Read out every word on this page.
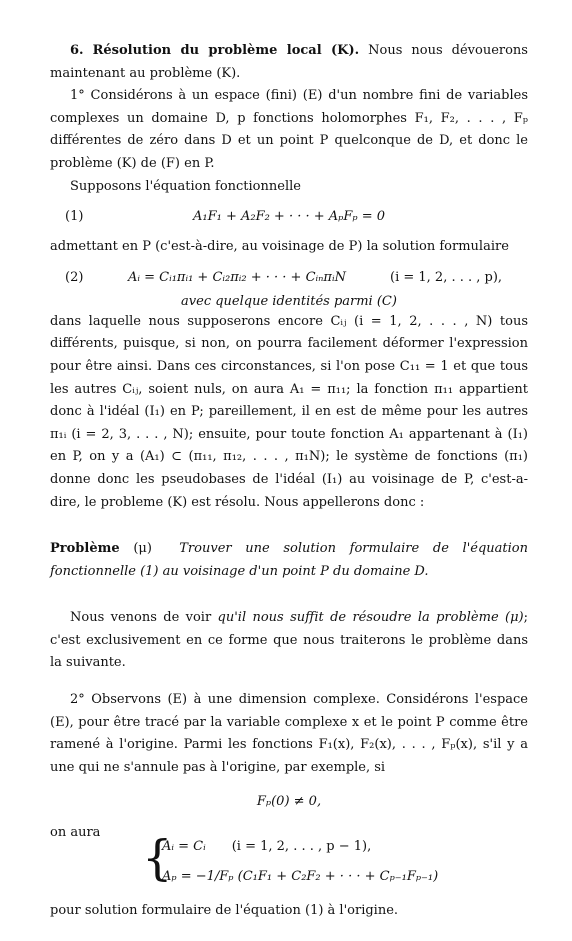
6. Résolution du problème local (K). Nous nous dévouerons maintenant au problème (K).

1° Considérons à un espace (fini) (E) d'un nombre fini de variables complexes un domaine D, p fonctions holomorphes F₁, F₂, . . . , Fₚ différentes de zéro dans D et un point P quelconque de D, et donc le problème (K) de (F) en P.

Supposons l'équation fonctionnelle

(1)	A₁F₁ + A₂F₂ + · · · + AₚFₚ = 0

admettant en P (c'est-à-dire, au voisinage de P) la solution formulaire

(2)	Aᵢ = Cᵢ₁πᵢ₁ + Cᵢ₂πᵢ₂ + · · · + CᵢₙπᵢN	(i = 1, 2, . . . , p),
avec quelque identités parmi (C)

dans laquelle nous supposerons encore Cᵢⱼ (i = 1, 2, . . . , N) tous différents, puisque, si non, on pourra facilement déformer l'expression pour être ainsi. Dans ces circonstances, si l'on pose C₁₁ = 1 et que tous les autres Cᵢⱼ, soient nuls, on aura A₁ = π₁₁; la fonction π₁₁ appartient donc à l'idéal (I₁) en P; pareillement, il en est de même pour les autres π₁ᵢ (i = 2, 3, . . . , N); ensuite, pour toute fonction A₁ appartenant à (I₁) en P, on y a (A₁) ⊂ (π₁₁, π₁₂, . . . , π₁N); le système de fonctions (π₁) donne donc les pseudobases de l'idéal (I₁) au voisinage de P, c'est-a-dire, le probleme (K) est résolu. Nous appellerons donc :

Problème (μ) Trouver une solution formulaire de l'équation fonctionnelle (1) au voisinage d'un point P du domaine D.

Nous venons de voir qu'il nous suffit de résoudre la problème (μ); c'est exclusivement en ce forme que nous traiterons le problème dans la suivante.

2° Observons (E) à une dimension complexe. Considérons l'espace (E), pour être tracé par la variable complexe x et le point P comme être ramené à l'origine. Parmi les fonctions F₁(x), F₂(x), . . . , Fₚ(x), s'il y a une qui ne s'annule pas à l'origine, par exemple, si

Fₚ(0) ≠ 0,

on aura {
Aᵢ = Cᵢ (i = 1, 2, . . . , p − 1),
Aₚ = −1/Fₚ (C₁F₁ + C₂F₂ + · · · + Cₚ₋₁Fₚ₋₁)

pour solution formulaire de l'équation (1) à l'origine.
